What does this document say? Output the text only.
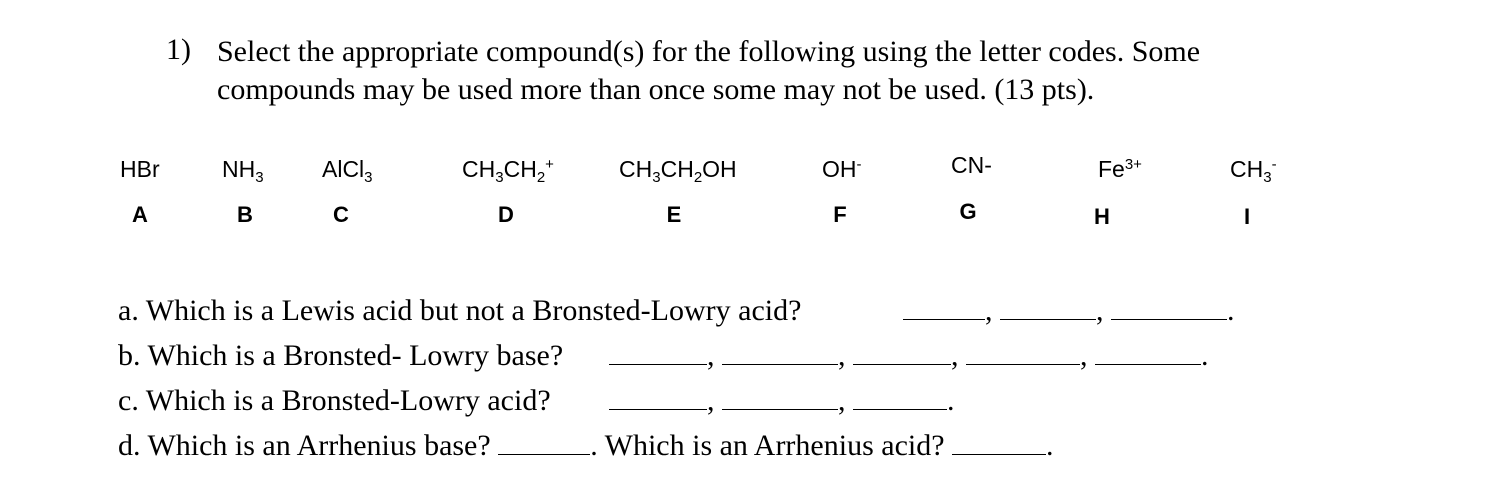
1) Select the appropriate compound(s) for the following using the letter codes. Some
compounds may be used more than once some may not be used. (13 pts).
HBr	$NH_3$	AlCl$_3$	$CH_3CH_2^+$	$CH_3CH_2OH$	OH-	CN-	$Fe^{3+}$	$CH_3^-$
A	B	C	D	E	F	G	H	I
a. Which is a Lewis acid but not a Bronsted-Lowry acid?	,	,	.
b. Which is a Bronsted- Lowry base?	,	,	,	,	.
c. Which is a Bronsted-Lowry acid?	,	,	.
d. Which is an Arrhenius base?	. Which is an Arrhenius acid?	.
